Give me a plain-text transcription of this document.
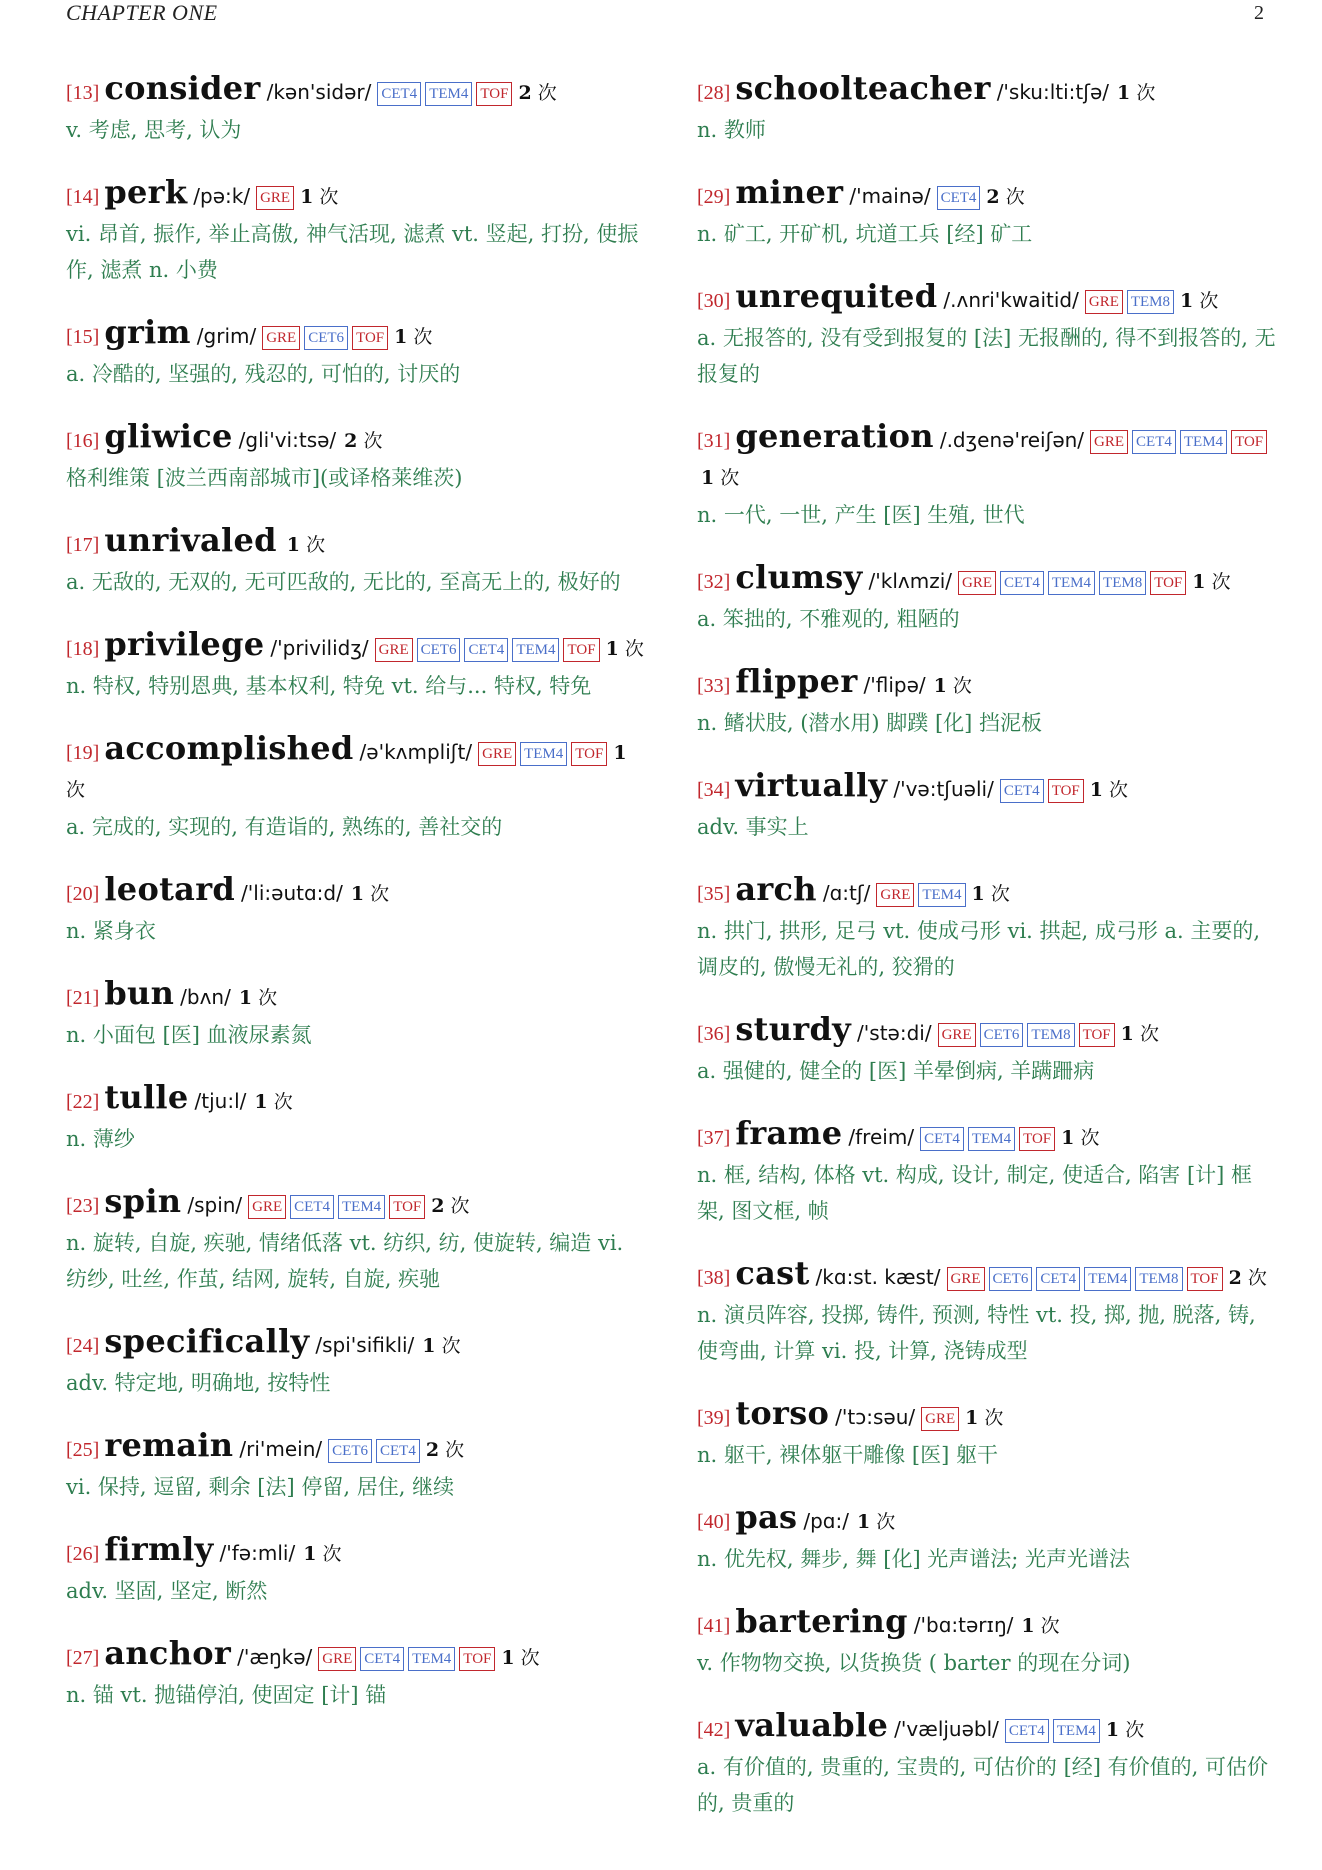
CHAPTER ONE	2
[13] consider /kən'sidər/ CET4 TEM4 TOF 2 次
v. 考虑, 思考, 认为
[14] perk /pə:k/ GRE 1 次
vi. 昂首, 振作, 举止高傲, 神气活现, 滤煮 vt. 竖起, 打扮, 使振作, 滤煮 n. 小费
[15] grim /grim/ GRE CET6 TOF 1 次
a. 冷酷的, 坚强的, 残忍的, 可怕的, 讨厌的
[16] gliwice /gli'vi:tsə/ 2 次
格利维策 [波兰西南部城市](或译格莱维茨)
[17] unrivaled 1 次
a. 无敌的, 无双的, 无可匹敌的, 无比的, 至高无上的, 极好的
[18] privilege /'privilidʒ/ GRE CET6 CET4 TEM4 TOF 1 次
n. 特权, 特别恩典, 基本权利, 特免 vt. 给与... 特权, 特免
[19] accomplished /ə'kʌmpliʃt/ GRE TEM4 TOF 1 次
a. 完成的, 实现的, 有造诣的, 熟练的, 善社交的
[20] leotard /'li:əutɑ:d/ 1 次
n. 紧身衣
[21] bun /bʌn/ 1 次
n. 小面包 [医] 血液尿素氮
[22] tulle /tju:l/ 1 次
n. 薄纱
[23] spin /spin/ GRE CET4 TEM4 TOF 2 次
n. 旋转, 自旋, 疾驰, 情绪低落 vt. 纺织, 纺, 使旋转, 编造 vi. 纺纱, 吐丝, 作茧, 结网, 旋转, 自旋, 疾驰
[24] specifically /spi'sifikli/ 1 次
adv. 特定地, 明确地, 按特性
[25] remain /ri'mein/ CET6 CET4 2 次
vi. 保持, 逗留, 剩余 [法] 停留, 居住, 继续
[26] firmly /'fə:mli/ 1 次
adv. 坚固, 坚定, 断然
[27] anchor /'æŋkə/ GRE CET4 TEM4 TOF 1 次
n. 锚 vt. 抛锚停泊, 使固定 [计] 锚
[28] schoolteacher /'sku:lti:tʃə/ 1 次
n. 教师
[29] miner /'mainə/ CET4 2 次
n. 矿工, 开矿机, 坑道工兵 [经] 矿工
[30] unrequited /.ʌnri'kwaitid/ GRE TEM8 1 次
a. 无报答的, 没有受到报复的 [法] 无报酬的, 得不到报答的, 无报复的
[31] generation /.dʒenə'reiʃən/ GRE CET4 TEM4 TOF1 次
n. 一代, 一世, 产生 [医] 生殖, 世代
[32] clumsy /'klʌmzi/ GRE CET4 TEM4 TEM8 TOF 1 次
a. 笨拙的, 不雅观的, 粗陋的
[33] flipper /'flipə/ 1 次
n. 鳍状肢, (潜水用) 脚蹼 [化] 挡泥板
[34] virtually /'və:tʃuəli/ CET4 TOF 1 次
adv. 事实上
[35] arch /ɑ:tʃ/ GRE TEM4 1 次
n. 拱门, 拱形, 足弓 vt. 使成弓形 vi. 拱起, 成弓形 a. 主要的, 调皮的, 傲慢无礼的, 狡猾的
[36] sturdy /'stə:di/ GRE CET6 TEM8 TOF 1 次
a. 强健的, 健全的 [医] 羊晕倒病, 羊蹒跚病
[37] frame /freim/ CET4 TEM4 TOF 1 次
n. 框, 结构, 体格 vt. 构成, 设计, 制定, 使适合, 陷害 [计] 框架, 图文框, 帧
[38] cast /kɑ:st. kæst/ GRE CET6 CET4 TEM4 TEM8 TOF 2 次
n. 演员阵容, 投掷, 铸件, 预测, 特性 vt. 投, 掷, 抛, 脱落, 铸, 使弯曲, 计算 vi. 投, 计算, 浇铸成型
[39] torso /'tɔ:səu/ GRE 1 次
n. 躯干, 裸体躯干雕像 [医] 躯干
[40] pas /pɑ:/ 1 次
n. 优先权, 舞步, 舞 [化] 光声谱法; 光声光谱法
[41] bartering /'bɑ:tərɪŋ/ 1 次
v. 作物物交换, 以货换货 ( barter 的现在分词)
[42] valuable /'væljuəbl/ CET4 TEM4 1 次
a. 有价值的, 贵重的, 宝贵的, 可估价的 [经] 有价值的, 可估价的, 贵重的
